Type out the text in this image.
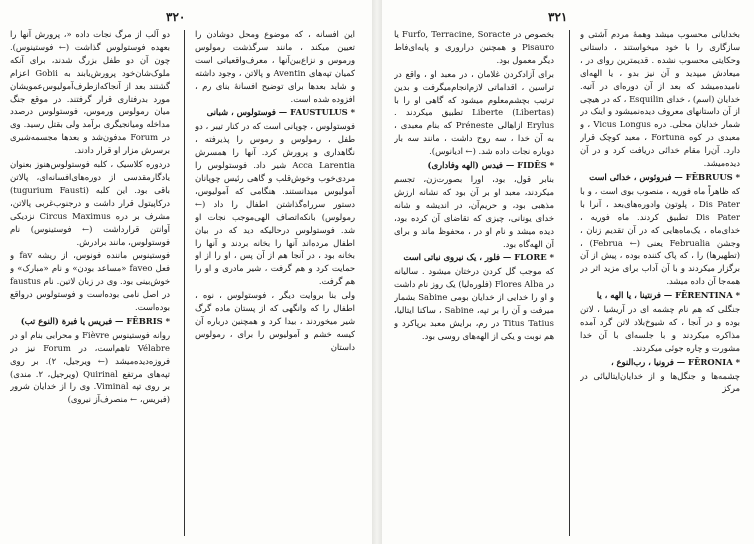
۳۲۰

دو آلب از مرگ نجات داده «، پرورش آنها را بعهده فوستولوس گذاشت (← فوستینوس). چون آن دو طفل بزرگ شدند، برای آنکه ملوک‌شان‌خود پرورش‌یابند به Gobii اعزام گشتند بعد از آنجا‌که‌از‌طرف‌آمولیوس‌عمویشان مورد بدرفتاری قرار گرفتند. در موقع جنگ میان رمولوس ورموس، فوستولوس درصدد مداخله ومیانجیگری برآمد ولی بقتل رسید. وی در Forum مدفون‌شد و بعدها مجسمه‌شیری برسرش مزار او قرار دادند.

دردوره کلاسیک ، کلبه فوستولوس‌هنوز بعنوان یادگارمقدسی از دوره‌های‌افسانه‌ای، پالاتن باقی بود. این کلبه (tugurium Fausti) درکاپیتول قرار داشت و درجنوب‌غربی پالاتن، مشرف بر دره Circus Maximus نزدیکی‌ آوانتن قرارداشت (← فوستینوس) نام فوستولوس، مانند برادرش.

فوستینوس ماننده فونوس، از ریشه fav و فعل faveo «مساعد بودن» و نام «مبارک» و خوش‌بینی بود. وی در زبان لاتین. نام faustus در اصل نامی بوده‌است و فوستولوس درواقع بوده‌است.

* FĒBRIS — فبریس‌ یا فبرة (النوع تب)

روانه فوستینوس Fièvre و محرابی بنام او در Vélabre تاهم‌است، در Forum نیز در فروزه‌دیده‌میشد (← ویرجیل، ۲). بر روی تپه‌های مرتفع Quirinal (ویرجیل، ۲. مندی) بر روی تپه Viminal. وی را از خدایان شرور (فبریس، ← منصرف‌آز نیروی)

این افسانه ، که موضوع ومحل دوشادن را تعیین میکند ، مانند سرگذشت رمولوس ورموس و نزاع‌بین‌آنها ، معرف‌واقعیاتی است کمیان تپه‌های Aventin و پالاتن ، وجود داشته و شاید بعدها برای توضیح افسانهٔ بنای رم ، افزوده شده است.

* FAUSTULUS — فوستولوس ، شبانی

فوستولوس ، چوپانی است که در کنار تیبر ، دو طفل ، رمولوس و رموس را پذیرفته ، نگاهداری و پرورش کرد. آنها را همسرش Acca Larentia شیر داد. فوستولوس را مردی‌خوب وخوش‌قلب و گاهی رئیس چوپانان آمولیوس میدانستند. هنگامی که آمولیوس، دستور سرراه‌گذاشتن اطفال را داد (← رمولوس) بانکه‌اتصاف الهی‌موجب نجات او شد. فوستولوس درحالیکه دید که در بیان اطفال مرده‌اند آنها را بخانه بردند و آنها را بخانه بود ، در آنجا هم از آن پس ، او را از او حمایت کرد و هم گرفت ، شیر مادری و او را هم گرفت.

ولی بنا بروایت دیگر ، فوستولوس ، نوه ، اطفال را که وانگهی که از پستان ماده گرگ شیر میخوردند ، بیدا کرد و همچنین درباره آن کیسه خشم و آمولیوس را برای ، رمولوس داستان

۳۲۱

بخصوص در Furfo, Terracine, Soracte یا Pisauro و همچنین دراروری و پایه‌ای‌فاط دیگر معمول بود.

برای آزادکردن غلامان ، در معبد او ، واقع در تراسین ، اقداماتی لازم‌انجام‌میگرفت و بدین ترتیب بچشم‌معلوم میشود که گاهی او را با (Libertas) Liberte تطبیق میکردند . Erylus ازاهالی Préneste که بنام معبدی ، به آن خدا ، سه روح داشت ، مانند سه بار دوباره نجات داده شد. (← ادیانوس).

* FIDĒS — فیدس (الهه وفاداری)

بنابر قول، بود، اورا بصورت‌زن، تجسم میکردند، معبد او بر آن بود که نشانه ارزش مذهبی بود، و حریم‌آن، در اندیشه و شانه خدای یونانی، چیزی که تقاضای آن کرده بود، دیده میشد و نام او در ، محفوظ ماند و برای آن الهه‌گاه بود.

* FLORE — فلور ، یک نیروی نباتی است

که موجب گل کردن درختان میشود . سالیانه در Flores Alba (فلوره‌لیا) یک روز نام داشت و او را خدایی از خدایان بومی Sabine بشمار میرفت و آن را بر تپه، Sabine ، ساکنا ایتالیا، Titus Tatius در رم، برایش معبد برپاکرد و هم نوبت و یکی از الهه‌های روسی بود.

بخدایانی محسوب میشد وهمهٔ مردم آشتی و سازگاری را با خود میخواستند ، داستانی وحکایتی محسوب نشده . قدیمترین روای در ، میعادش میپدید و آن نیز بدو ، یا الهه‌ای نامیده‌میشد که بعد از آن دوره‌ای در آتیه. خدایان (اسم) ، خدای Esquilin ، که در هیچی از آن داستانهای معروف دیده‌نمیشود و اینک در شمار خدایان محلی. دره Vicus Longus ، و معبدی در کوه Fortuna ، معبد کوچک قرار دارد. آن‌را مقام خدائی دریافت کرد و در آن دیده‌میشد.

* FĒBRUUS — فبروئوس ، خدائی است

که ظاهراً ماه فوریه ، منصوب بوی است ، و با Dis Pater ، پلوتون وادوره‌های‌بعد ، آنرا با Dis Pater تطبیق کردند. ماه فوریه ، خدای‌ماه ، یک‌ماه‌هایی که در آن تقدیم زنان ، وجشن Februalia یعنی (← Februa) ، (تطهیرها) را ، که پاک کننده بوده ، پیش از آن برگزار میکردند و با آن آداب برای مزید اثر در همه‌جا آن داده میشد.

* FĒRENTINA — فرنتینا ، یا الهه ، یا

جنگلی که هم نام چشمه ای در آریشیا ، لاتن بوده و در آنجا ، که شیوخ‌بلاد لاتن گرد آمده مذاکره میکردند و با جلسه‌ای با آن خدا مشورت و چاره جوئی میکردند.

* FĒRONIA — فرونیا ، رب‌النوع ،

چشمه‌ها و جنگل‌ها و از خدایان‌ایتالیائی در مرکز
